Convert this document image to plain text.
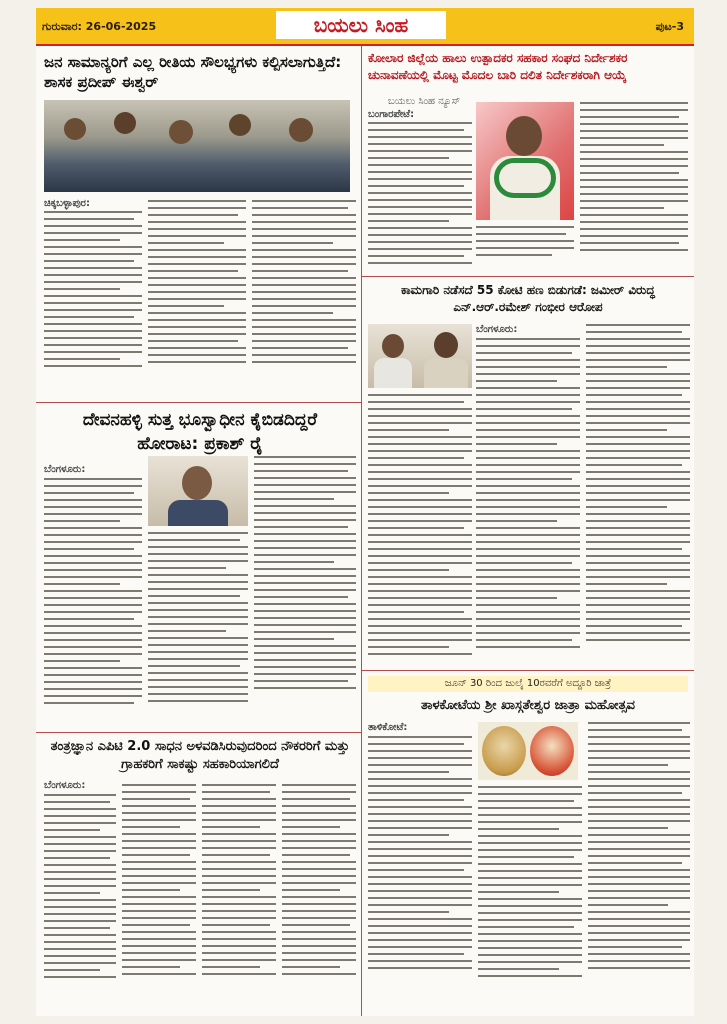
ಗುರುವಾರ: 26-06-2025	ಬಯಲು ಸಿಂಹ	ಪುಟ-3
ಜನ ಸಾಮಾನ್ಯರಿಗೆ ಎಲ್ಲ ರೀತಿಯ ಸೌಲಭ್ಯಗಳು ಕಲ್ಪಿಸಲಾಗುತ್ತಿದೆ: ಶಾಸಕ ಪ್ರದೀಪ್ ಈಶ್ವರ್
ಚಿಕ್ಕಬಳ್ಳಾಪುರ:
ದೇವನಹಳ್ಳಿ ಸುತ್ತ ಭೂಸ್ವಾಧೀನ ಕೈಬಿಡದಿದ್ದರೆ ಹೋರಾಟ: ಪ್ರಕಾಶ್ ರೈ
ಬೆಂಗಳೂರು:
ತಂತ್ರಜ್ಞಾನ ಎಪಿಟಿ 2.0 ಸಾಧನ ಅಳವಡಿಸಿರುವುದರಿಂದ ನೌಕರರಿಗೆ ಮತ್ತು ಗ್ರಾಹಕರಿಗೆ ಸಾಕಷ್ಟು ಸಹಕಾರಿಯಾಗಲಿದೆ
ಬೆಂಗಳೂರು:
ಕೋಲಾರ ಜಿಲ್ಲೆಯ ಹಾಲು ಉತ್ಪಾದಕರ ಸಹಕಾರ ಸಂಘದ ನಿರ್ದೇಶಕರ ಚುನಾವಣೆಯಲ್ಲಿ ಮೊಟ್ಟ ಮೊದಲ ಬಾರಿ ದಲಿತ ನಿರ್ದೇಶಕರಾಗಿ ಆಯ್ಕೆ
ಬಯಲು ಸಿಂಹ ನ್ಯೂಸ್
ಬಂಗಾರಪೇಟೆ:
ಕಾಮಗಾರಿ ನಡೆಸದೆ 55 ಕೋಟಿ ಹಣ ಬಿಡುಗಡೆ: ಜಮೀರ್ ವಿರುದ್ಧ ಎನ್.ಆರ್.ರಮೇಶ್ ಗಂಭೀರ ಆರೋಪ
ಬೆಂಗಳೂರು:
ಜೂನ್ 30 ರಿಂದ ಜುಲೈ 10ರವರೆಗೆ ಅದ್ದೂರಿ ಜಾತ್ರೆ
ತಾಳಕೋಟೆಯ ಶ್ರೀ ಖಾಸ್ಗತೇಶ್ವರ ಜಾತ್ರಾ ಮಹೋತ್ಸವ
ತಾಳಿಕೋಟೆ:
